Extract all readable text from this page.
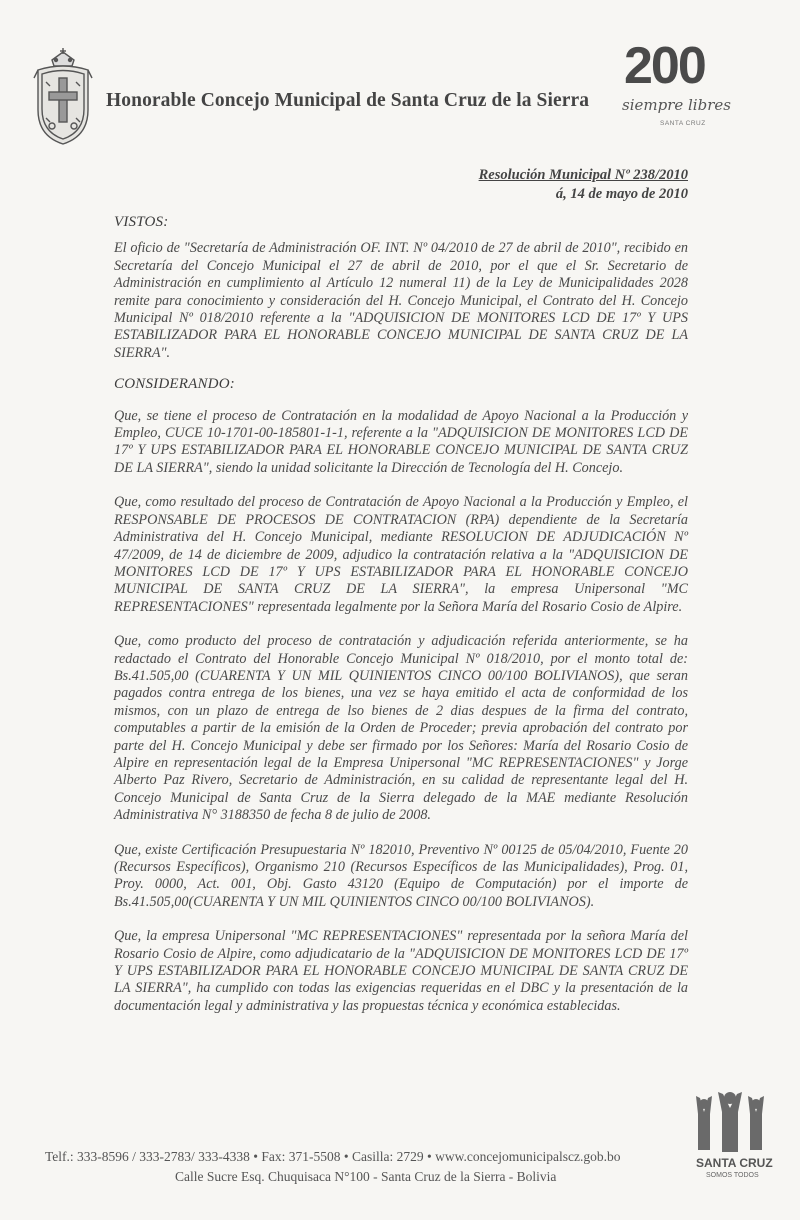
Honorable Concejo Municipal de Santa Cruz de la Sierra
200
siempre libres
SANTA CRUZ
Resolución Municipal Nº 238/2010
á, 14 de mayo de 2010
VISTOS:

El oficio de "Secretaría de Administración OF. INT. Nº 04/2010 de 27 de abril de 2010", recibido en Secretaría del Concejo Municipal el 27 de abril de 2010, por el que el Sr. Secretario de Administración en cumplimiento al Artículo 12 numeral 11) de la Ley de Municipalidades 2028 remite para conocimiento y consideración del H. Concejo Municipal, el Contrato del H. Concejo Municipal Nº 018/2010 referente a la "ADQUISICION DE MONITORES LCD DE 17º Y UPS ESTABILIZADOR PARA EL HONORABLE CONCEJO MUNICIPAL DE SANTA CRUZ DE LA SIERRA".

CONSIDERANDO:

Que, se tiene el proceso de Contratación en la modalidad de Apoyo Nacional a la Producción y Empleo, CUCE 10-1701-00-185801-1-1, referente a la "ADQUISICION DE MONITORES LCD DE 17º Y UPS ESTABILIZADOR PARA EL HONORABLE CONCEJO MUNICIPAL DE SANTA CRUZ DE LA SIERRA", siendo la unidad solicitante la Dirección de Tecnología del H. Concejo.

Que, como resultado del proceso de Contratación de Apoyo Nacional a la Producción y Empleo, el RESPONSABLE DE PROCESOS DE CONTRATACION (RPA) dependiente de la Secretaría Administrativa del H. Concejo Municipal, mediante RESOLUCION DE ADJUDICACIÓN Nº 47/2009, de 14 de diciembre de 2009, adjudico la contratación relativa a la "ADQUISICION DE MONITORES LCD DE 17º Y UPS ESTABILIZADOR PARA EL HONORABLE CONCEJO MUNICIPAL DE SANTA CRUZ DE LA SIERRA", la empresa Unipersonal "MC REPRESENTACIONES" representada legalmente por la Señora María del Rosario Cosio de Alpire.

Que, como producto del proceso de contratación y adjudicación referida anteriormente, se ha redactado el Contrato del Honorable Concejo Municipal Nº 018/2010, por el monto total de: Bs.41.505,00 (CUARENTA Y UN MIL QUINIENTOS CINCO 00/100 BOLIVIANOS), que seran pagados contra entrega de los bienes, una vez se haya emitido el acta de conformidad de los mismos, con un plazo de entrega de lso bienes de 2 dias despues de la firma del contrato, computables a partir de la emisión de la Orden de Proceder; previa aprobación del contrato por parte del H. Concejo Municipal y debe ser firmado por los Señores: María del Rosario Cosio de Alpire en representación legal de la Empresa Unipersonal "MC REPRESENTACIONES" y Jorge Alberto Paz Rivero, Secretario de Administración, en su calidad de representante legal del H. Concejo Municipal de Santa Cruz de la Sierra delegado de la MAE mediante Resolución Administrativa N° 3188350 de fecha 8 de julio de 2008.

Que, existe Certificación Presupuestaria Nº 182010, Preventivo Nº 00125 de 05/04/2010, Fuente 20 (Recursos Específicos), Organismo 210 (Recursos Específicos de las Municipalidades), Prog. 01, Proy. 0000, Act. 001, Obj. Gasto 43120 (Equipo de Computación) por el importe de Bs.41.505,00(CUARENTA Y UN MIL QUINIENTOS CINCO 00/100 BOLIVIANOS).

Que, la empresa Unipersonal "MC REPRESENTACIONES" representada por la señora María del Rosario Cosio de Alpire, como adjudicatario de la "ADQUISICION DE MONITORES LCD DE 17º Y UPS ESTABILIZADOR PARA EL HONORABLE CONCEJO MUNICIPAL DE SANTA CRUZ DE LA SIERRA", ha cumplido con todas las exigencias requeridas en el DBC y la presentación de la documentación legal y administrativa y las propuestas técnica y económica establecidas.

SANTA CRUZ
SOMOS TODOS
Telf.: 333-8596 / 333-2783/ 333-4338 • Fax: 371-5508 • Casilla: 2729 • www.concejomunicipalscz.gob.bo
Calle Sucre Esq. Chuquisaca N°100 - Santa Cruz de la Sierra - Bolivia
